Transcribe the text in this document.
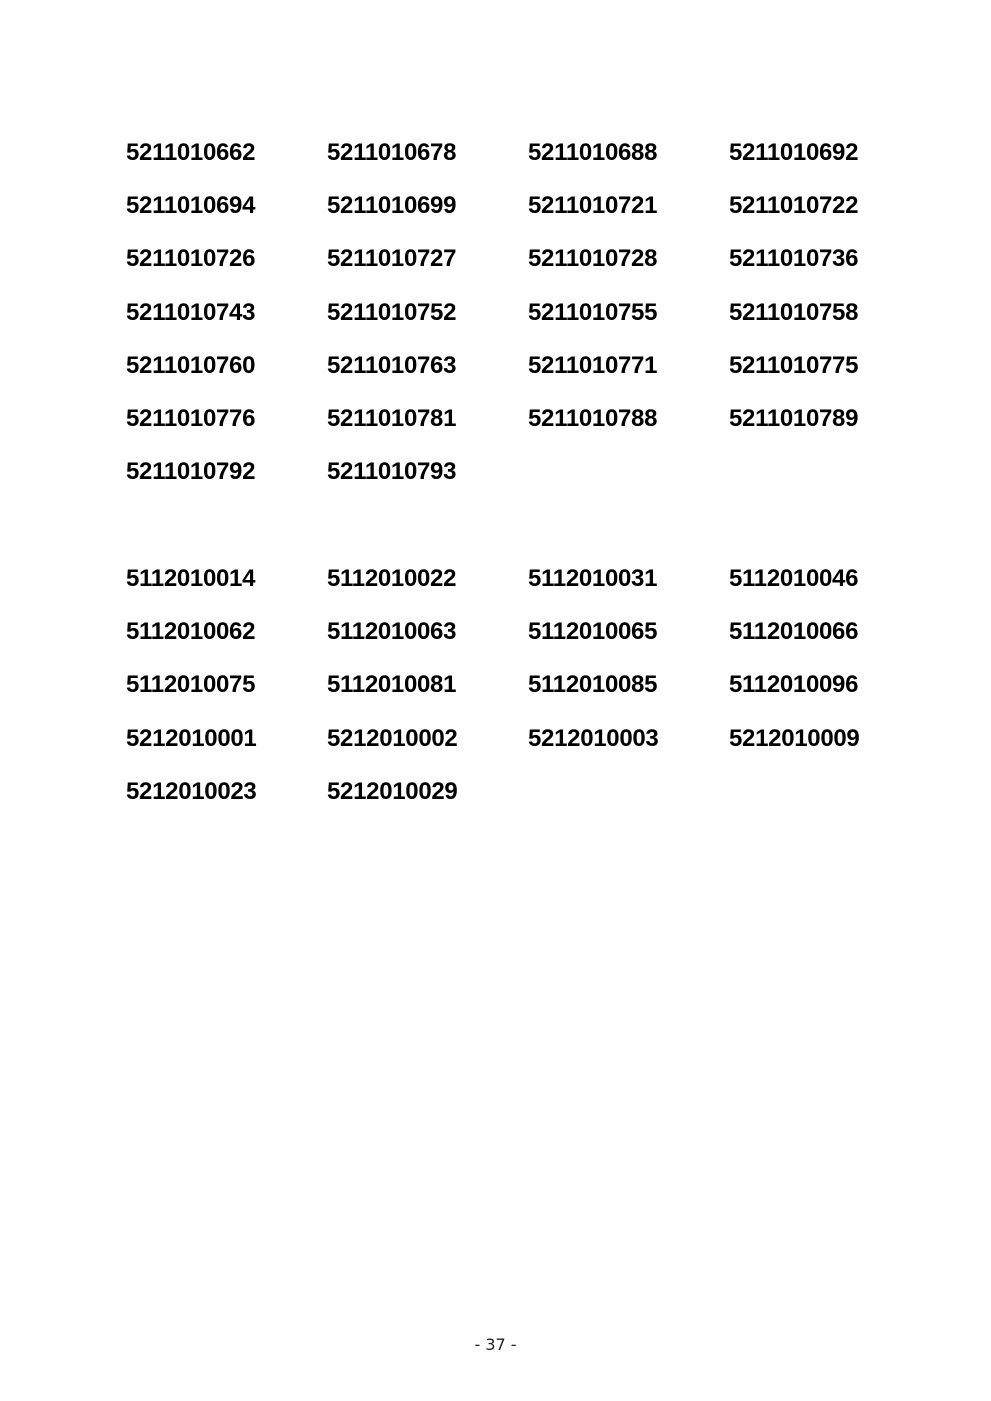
5211010662	5211010678	5211010688	5211010692
5211010694	5211010699	5211010721	5211010722
5211010726	5211010727	5211010728	5211010736
5211010743	5211010752	5211010755	5211010758
5211010760	5211010763	5211010771	5211010775
5211010776	5211010781	5211010788	5211010789
5211010792	5211010793
5112010014	5112010022	5112010031	5112010046
5112010062	5112010063	5112010065	5112010066
5112010075	5112010081	5112010085	5112010096
5212010001	5212010002	5212010003	5212010009
5212010023	5212010029
- 37 -
